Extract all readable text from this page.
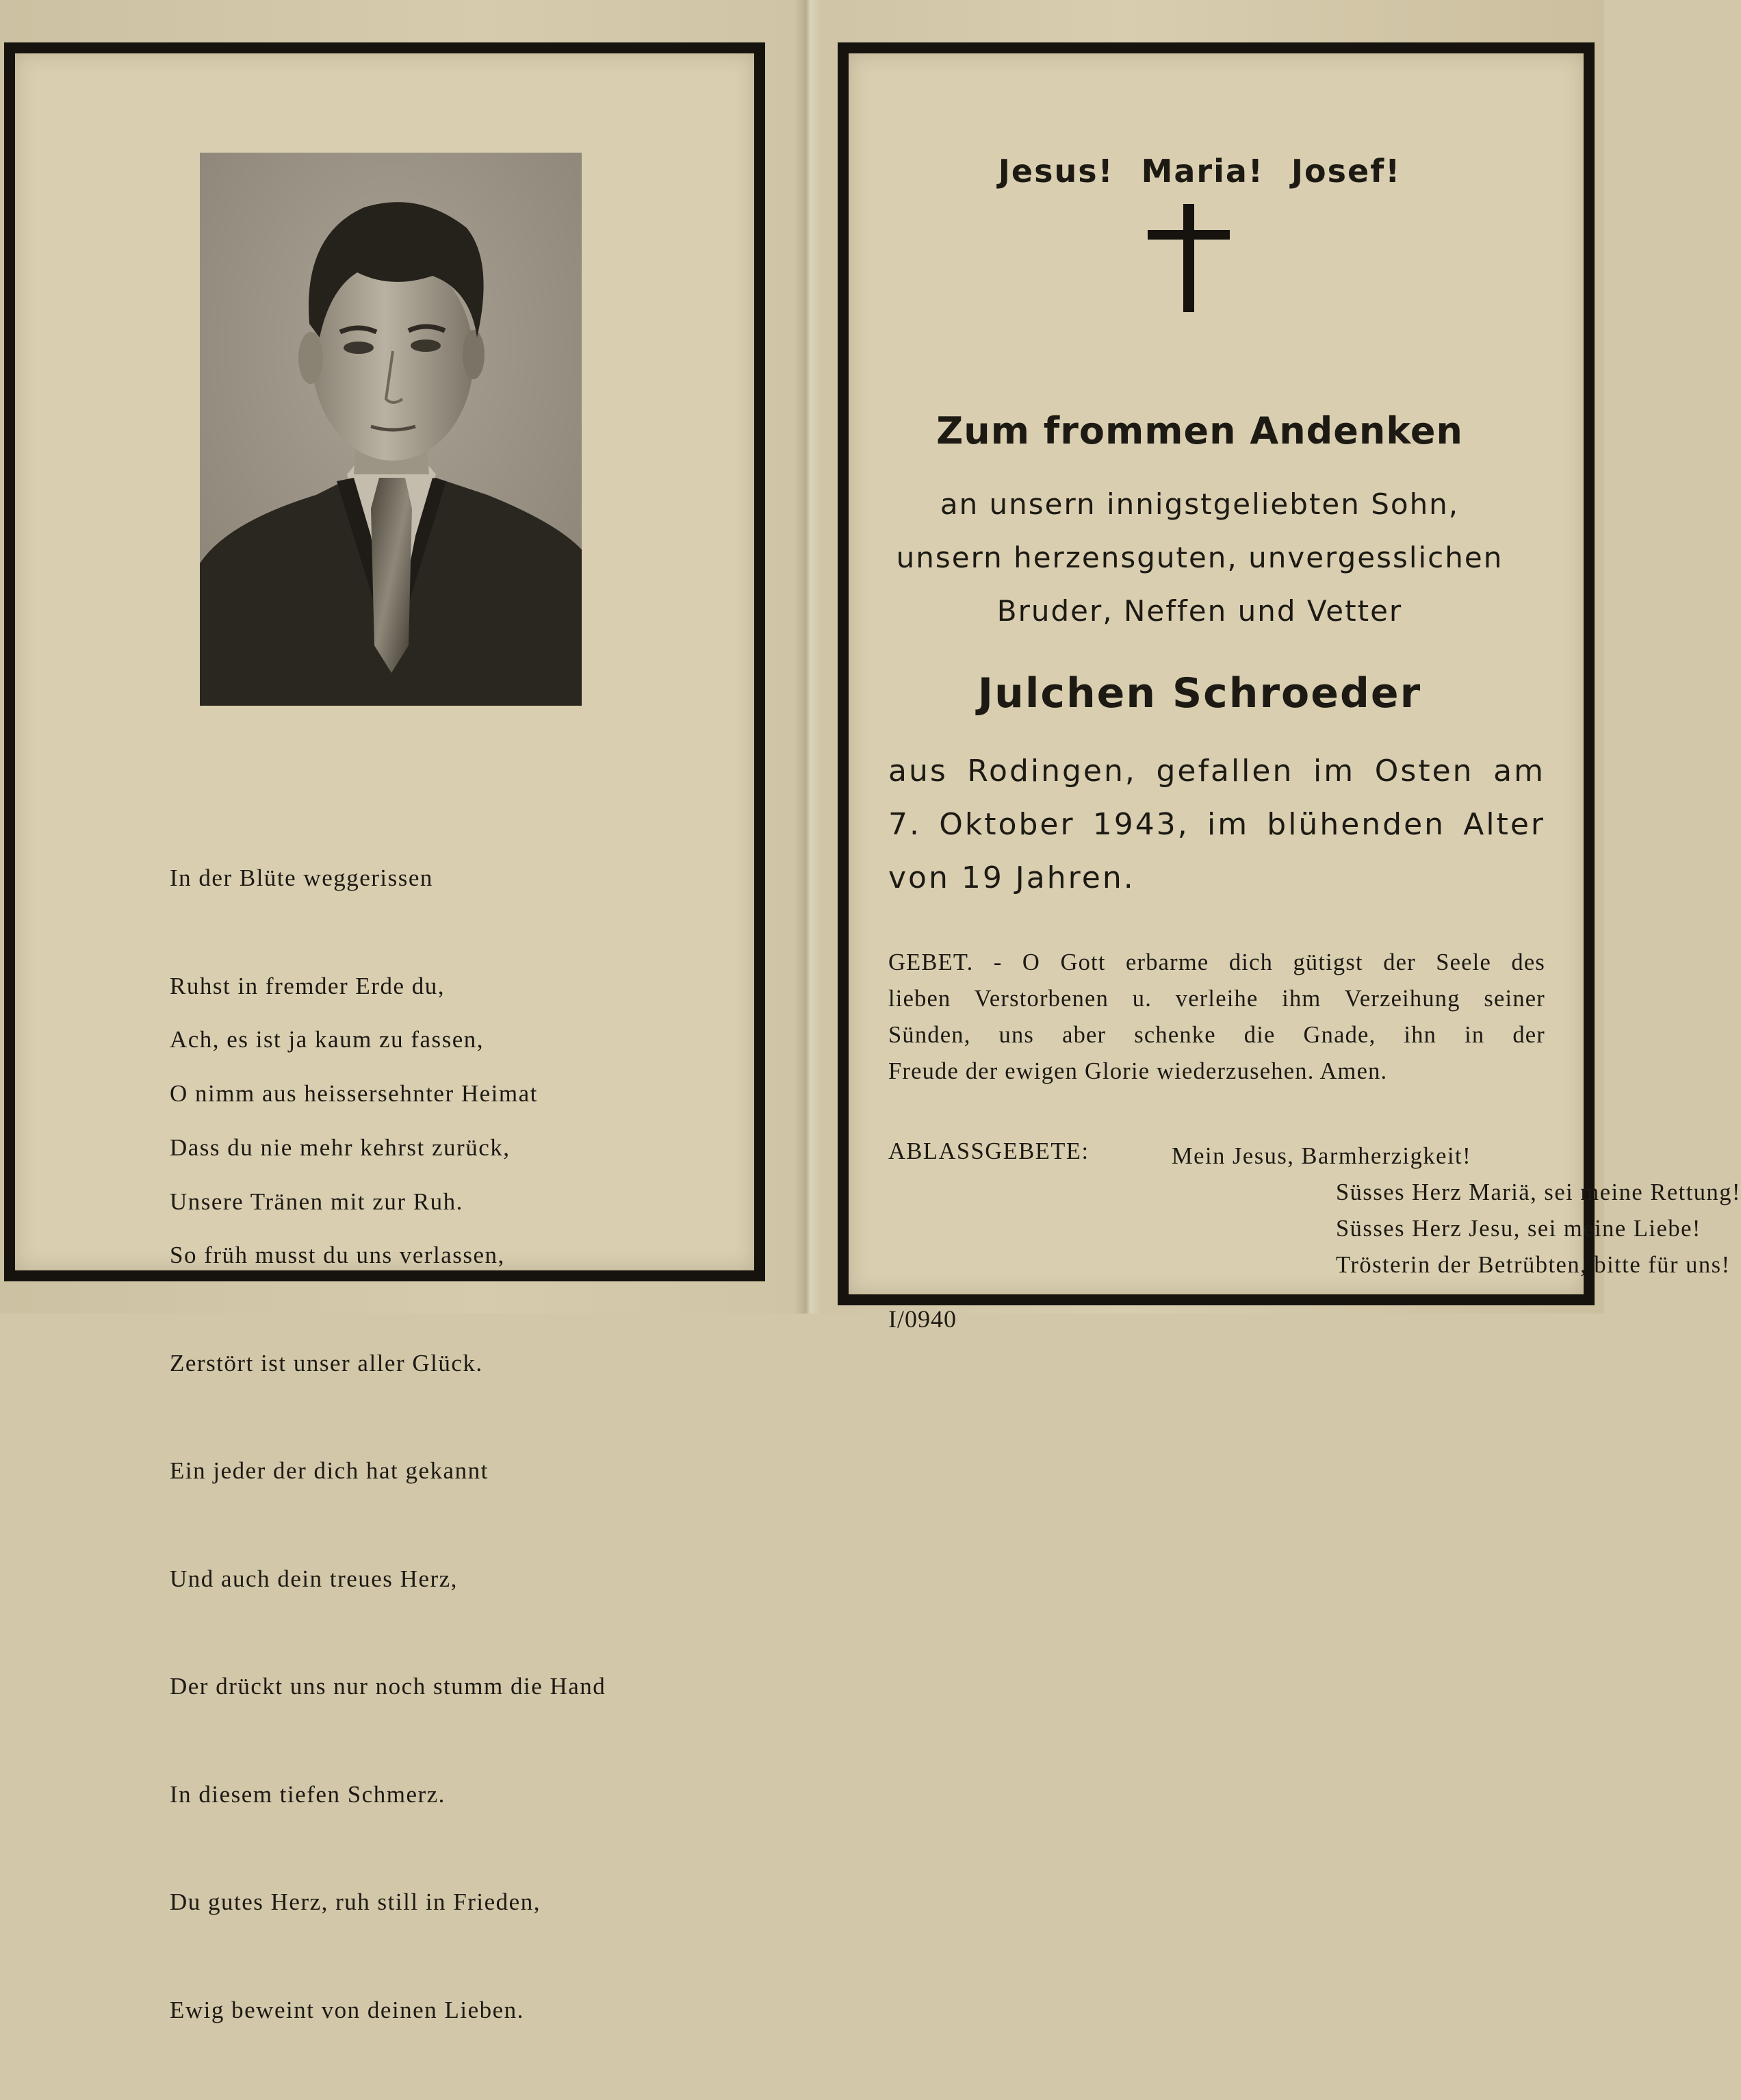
In der Blüte weggerissen

Ruhst in fremder Erde du,

O nimm aus heissersehnter Heimat

Unsere Tränen mit zur Ruh.

Ach, es ist ja kaum zu fassen,

Dass du nie mehr kehrst zurück,

So früh musst du uns verlassen,

Zerstört ist unser aller Glück.

Ein jeder der dich hat gekannt

Und auch dein treues Herz,

Der drückt uns nur noch stumm die Hand

In diesem tiefen Schmerz.

Du gutes Herz, ruh still in Frieden,

Ewig beweint von deinen Lieben.

Jesus! Maria! Josef!
Zum frommen Andenken
an unsern innigstgeliebten Sohn,
unsern herzensguten, unvergesslichen
Bruder, Neffen und Vetter
Julchen Schroeder
aus Rodingen, gefallen im Osten am
7. Oktober 1943, im blühenden Alter
von 19 Jahren.
GEBET. - O Gott erbarme dich gütigst der Seele des
lieben Verstorbenen u. verleihe ihm Verzeihung seiner
Sünden, uns aber schenke die Gnade, ihn in der
Freude der ewigen Glorie wiederzusehen. Amen.
ABLASSGEBETE:	Mein Jesus, Barmherzigkeit!
Süsses Herz Mariä, sei meine Rettung!
Süsses Herz Jesu, sei meine Liebe!
Trösterin der Betrübten, bitte für uns!
I/0940
